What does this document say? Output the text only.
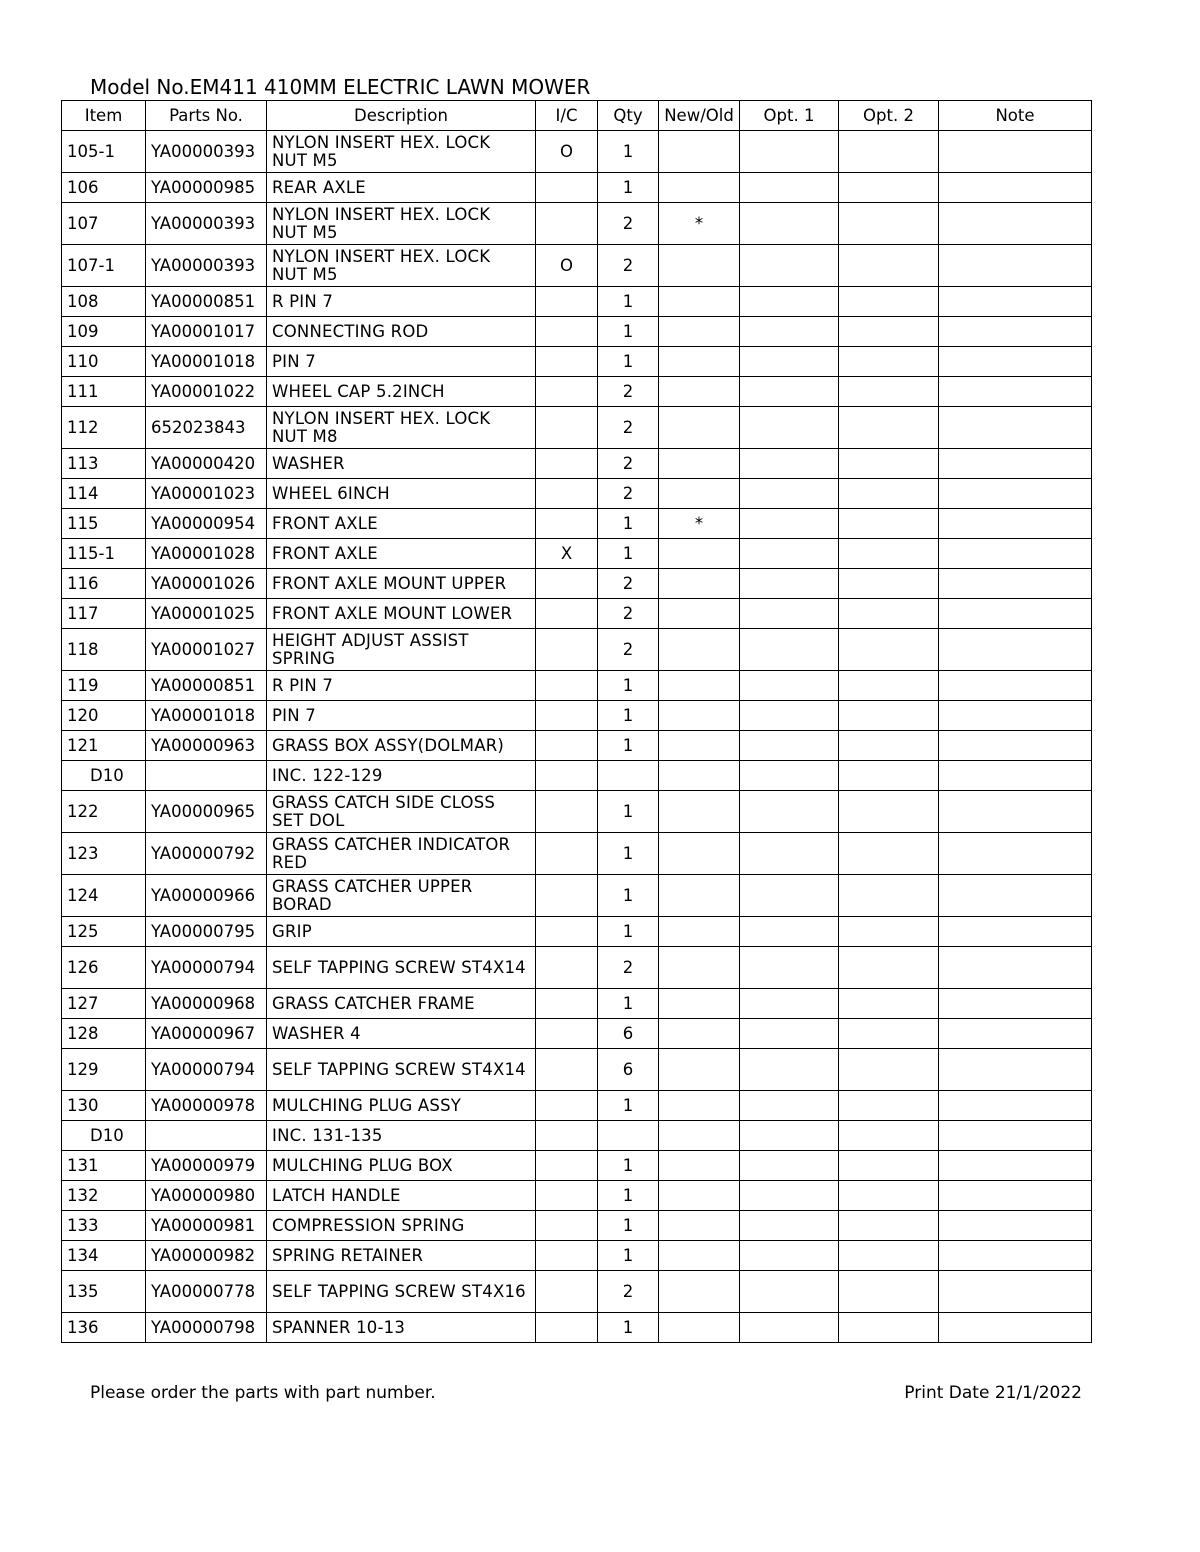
Model No.EM411 410MM ELECTRIC LAWN MOWER
Item	Parts No.	Description	I/C	Qty	New/Old	Opt. 1	Opt. 2	Note
105-1	YA00000393	NYLON INSERT HEX. LOCK NUT M5	O	1				
106	YA00000985	REAR AXLE		1				
107	YA00000393	NYLON INSERT HEX. LOCK NUT M5		2	*			
107-1	YA00000393	NYLON INSERT HEX. LOCK NUT M5	O	2				
108	YA00000851	R PIN 7		1				
109	YA00001017	CONNECTING ROD		1				
110	YA00001018	PIN 7		1				
111	YA00001022	WHEEL CAP 5.2INCH		2				
112	652023843	NYLON INSERT HEX. LOCK NUT M8		2				
113	YA00000420	WASHER		2				
114	YA00001023	WHEEL 6INCH		2				
115	YA00000954	FRONT AXLE		1	*			
115-1	YA00001028	FRONT AXLE	X	1				
116	YA00001026	FRONT AXLE MOUNT UPPER		2				
117	YA00001025	FRONT AXLE MOUNT LOWER		2				
118	YA00001027	HEIGHT ADJUST ASSIST SPRING		2				
119	YA00000851	R PIN 7		1				
120	YA00001018	PIN 7		1				
121	YA00000963	GRASS BOX ASSY(DOLMAR)		1				
D10		INC. 122-129						
122	YA00000965	GRASS CATCH SIDE CLOSS SET DOL		1				
123	YA00000792	GRASS CATCHER INDICATOR RED		1				
124	YA00000966	GRASS CATCHER UPPER BORAD		1				
125	YA00000795	GRIP		1				
126	YA00000794	SELF TAPPING SCREW ST4X14		2				
127	YA00000968	GRASS CATCHER FRAME		1				
128	YA00000967	WASHER 4		6				
129	YA00000794	SELF TAPPING SCREW ST4X14		6				
130	YA00000978	MULCHING PLUG ASSY		1				
D10		INC. 131-135						
131	YA00000979	MULCHING PLUG BOX		1				
132	YA00000980	LATCH HANDLE		1				
133	YA00000981	COMPRESSION SPRING		1				
134	YA00000982	SPRING RETAINER		1				
135	YA00000778	SELF TAPPING SCREW ST4X16		2				
136	YA00000798	SPANNER 10-13		1				
Please order the parts with part number.	Print Date 21/1/2022
